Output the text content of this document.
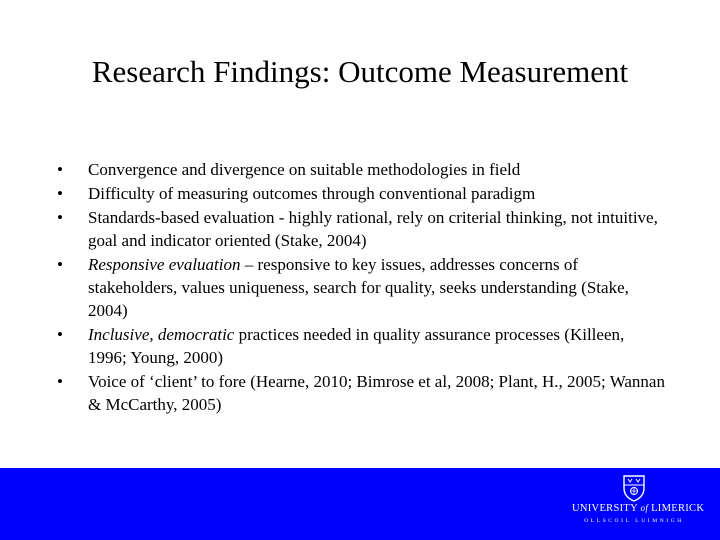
Research Findings: Outcome Measurement
• Convergence and divergence on suitable methodologies in field
• Difficulty of measuring outcomes through conventional paradigm
• Standards-based evaluation - highly rational, rely on criterial thinking, not intuitive, goal and indicator oriented (Stake, 2004)
• Responsive evaluation – responsive to key issues, addresses concerns of stakeholders, values uniqueness, search for quality, seeks understanding (Stake, 2004)
• Inclusive, democratic practices needed in quality assurance processes (Killeen, 1996; Young, 2000)
• Voice of ‘client’ to fore (Hearne, 2010; Bimrose et al, 2008; Plant, H., 2005; Wannan & McCarthy, 2005)
UNIVERSITY of LIMERICK
OLLSCOIL LUIMNIGH
